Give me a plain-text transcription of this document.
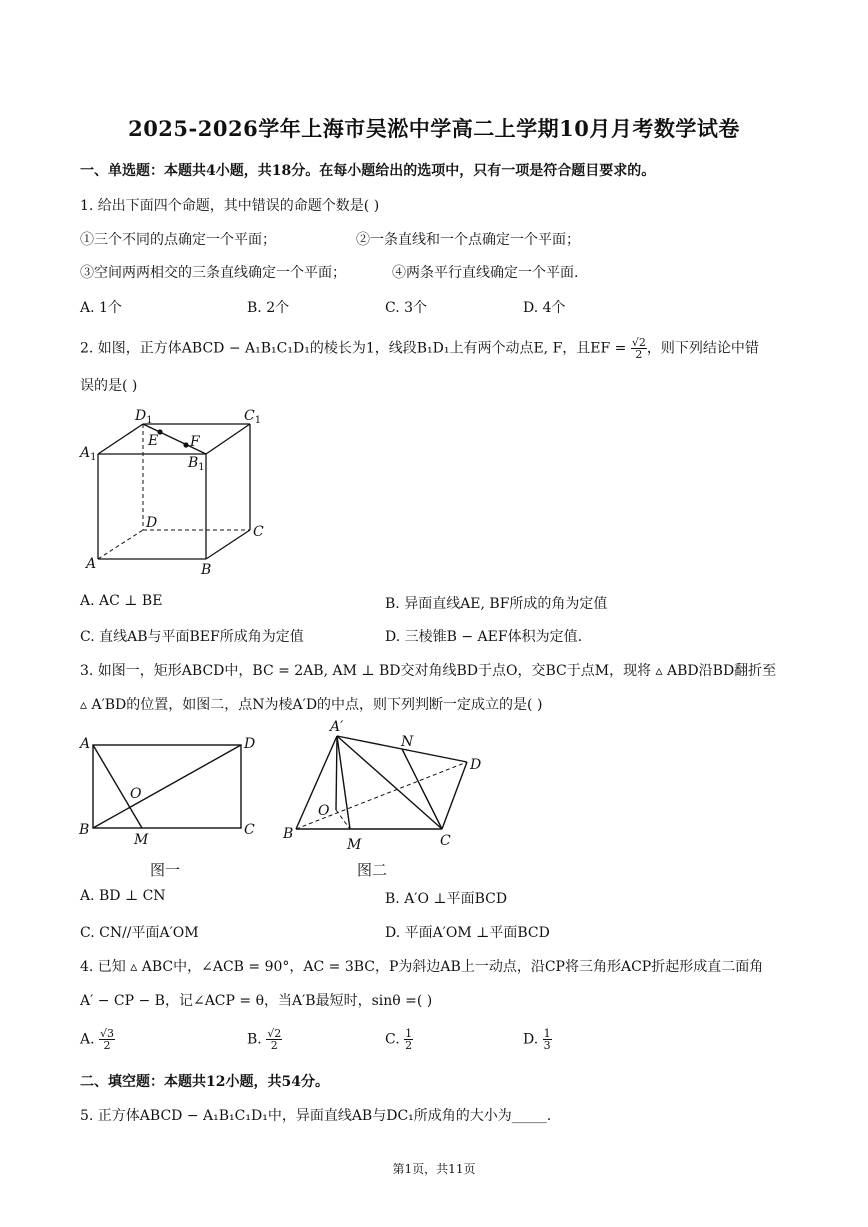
2025-2026学年上海市吴淞中学高二上学期10月月考数学试卷
一、单选题：本题共4小题，共18分。在每小题给出的选项中，只有一项是符合题目要求的。
1. 给出下面四个命题，其中错误的命题个数是( )
①三个不同的点确定一个平面；	②一条直线和一个点确定一个平面；
③空间两两相交的三条直线确定一个平面；	④两条平行直线确定一个平面.
A. 1个	B. 2个	C. 3个	D. 4个
2. 如图，正方体ABCD − A₁B₁C₁D₁的棱长为1，线段B₁D₁上有两个动点E, F，且EF = $\frac{√2}{2}$ ，则下列结论中错
误的是( )
$D_1$	$C_1$
$A_1$	$B_1$
E F
D
C
A	B
A. AC ⊥ BE	B. 异面直线AE, BF所成的角为定值
C. 直线AB与平面BEF所成角为定值	D. 三棱锥B − AEF体积为定值.
3. 如图一，矩形ABCD中，BC = 2AB, AM ⊥ BD交对角线BD于点O，交BC于点M，现将 ▵ ABD沿BD翻折至
▵ A′BD的位置，如图二，点N为棱A′D的中点，则下列判断一定成立的是( )
A	D
O
B
M
C
图一
A′
N
D
O
B
M	C
图二
A. BD ⊥ CN	B. A′O ⊥平面BCD
C. CN//平面A′OM	D. 平面A′OM ⊥平面BCD
4. 已知 ▵ ABC中，∠ACB = 90°，AC = 3BC，P为斜边AB上一动点，沿CP将三角形ACP折起形成直二面角
A′ − CP − B，记∠ACP = θ，当A′B最短时，sinθ =( )
A. $\frac{√3}{2}$	B. $\frac{√2}{2}$	C. $\frac{1}{2}$	D. $\frac{1}{3}$
二、填空题：本题共12小题，共54分。
5. 正方体ABCD − A₁B₁C₁D₁中，异面直线AB与DC₁所成角的大小为_____.
第1页，共11页
